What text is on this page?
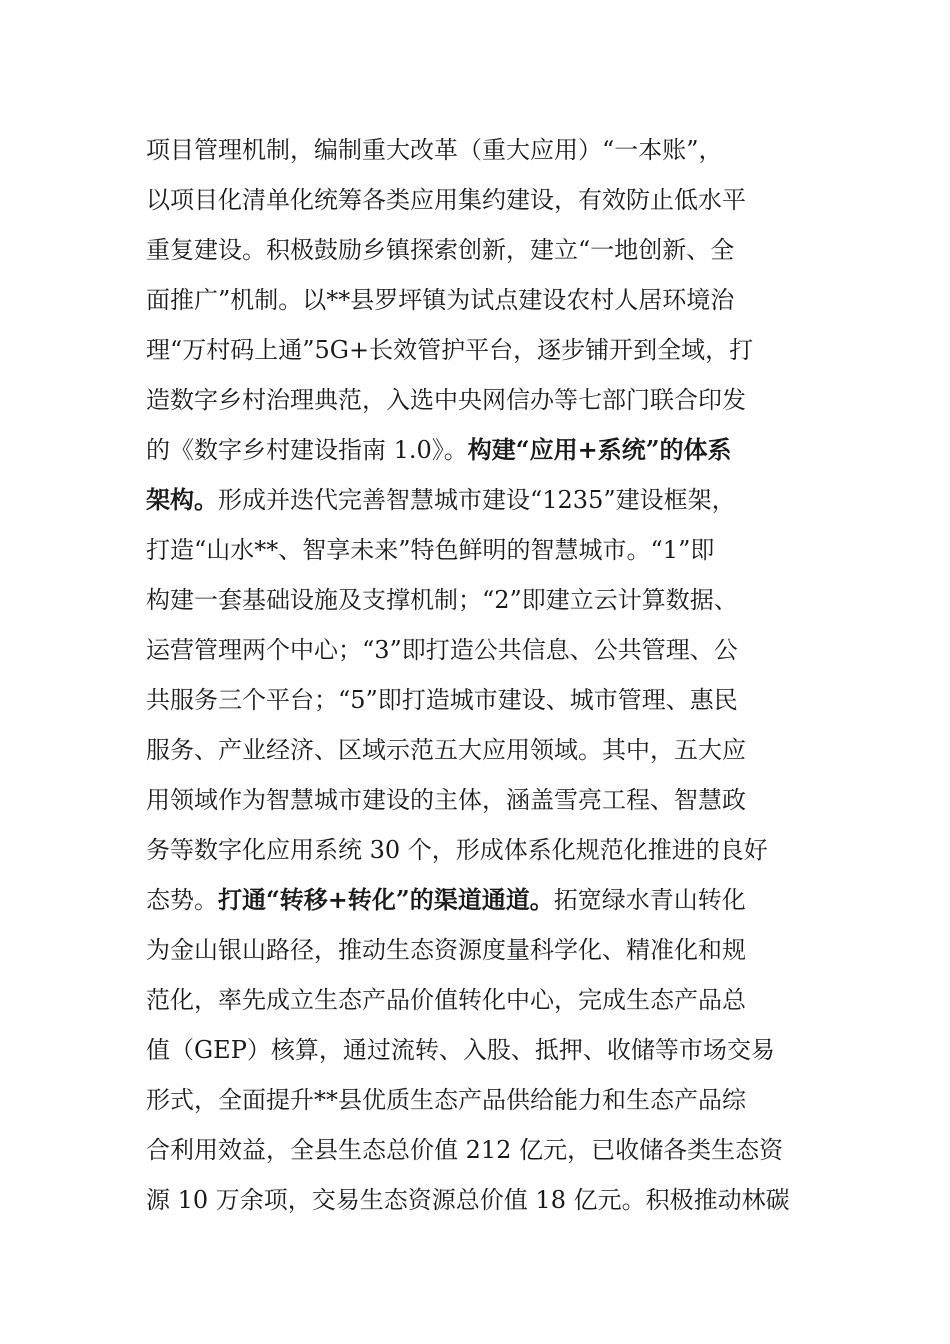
项目管理机制，编制重大改革（重大应用）“一本账”，
以项目化清单化统筹各类应用集约建设，有效防止低水平
重复建设。积极鼓励乡镇探索创新，建立“一地创新、全
面推广”机制。以**县罗坪镇为试点建设农村人居环境治
理“万村码上通”5G+长效管护平台，逐步铺开到全域，打
造数字乡村治理典范，入选中央网信办等七部门联合印发
的《数字乡村建设指南 1.0》。构建“应用+系统”的体系
架构。形成并迭代完善智慧城市建设“1235”建设框架，
打造“山水**、智享未来”特色鲜明的智慧城市。“1”即
构建一套基础设施及支撑机制；“2”即建立云计算数据、
运营管理两个中心；“3”即打造公共信息、公共管理、公
共服务三个平台；“5”即打造城市建设、城市管理、惠民
服务、产业经济、区域示范五大应用领域。其中，五大应
用领域作为智慧城市建设的主体，涵盖雪亮工程、智慧政
务等数字化应用系统 30 个，形成体系化规范化推进的良好
态势。打通“转移+转化”的渠道通道。拓宽绿水青山转化
为金山银山路径，推动生态资源度量科学化、精准化和规
范化，率先成立生态产品价值转化中心，完成生态产品总
值（GEP）核算，通过流转、入股、抵押、收储等市场交易
形式，全面提升**县优质生态产品供给能力和生态产品综
合利用效益，全县生态总价值 212 亿元，已收储各类生态资
源 10 万余项，交易生态资源总价值 18 亿元。积极推动林碳
